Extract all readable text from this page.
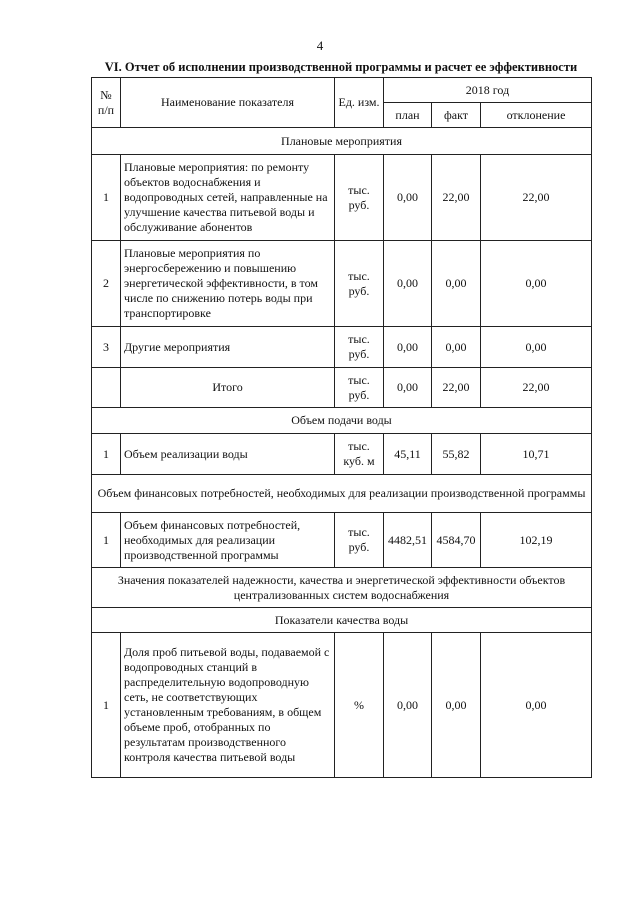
4
VI. Отчет об исполнении производственной программы и расчет ее эффективности
№ п/п	Наименование показателя	Ед. изм.	2018 год		
			план	факт	отклонение
Плановые мероприятия					
1	Плановые мероприятия: по ремонту объектов водоснабжения и водопроводных сетей, направленные на улучшение качества питьевой воды и обслуживание абонентов	тыс. руб.	0,00	22,00	22,00
2	Плановые мероприятия по энергосбережению и повышению энергетической эффективности, в том числе по снижению потерь воды при транспортировке	тыс. руб.	0,00	0,00	0,00
3	Другие мероприятия	тыс. руб.	0,00	0,00	0,00
	Итого	тыс. руб.	0,00	22,00	22,00
Объем подачи воды					
1	Объем реализации воды	тыс. куб. м	45,11	55,82	10,71
Объем финансовых потребностей, необходимых для реализации производственной программы					
1	Объем финансовых потребностей, необходимых для реализации производственной программы	тыс. руб.	4482,51	4584,70	102,19
Значения показателей надежности, качества и энергетической эффективности объектов централизованных систем водоснабжения					
Показатели качества воды					
1	Доля проб питьевой воды, подаваемой с водопроводных станций в распределительную водопроводную сеть, не соответствующих установленным требованиям, в общем объеме проб, отобранных по результатам производственного контроля качества питьевой воды	%	0,00	0,00	0,00
